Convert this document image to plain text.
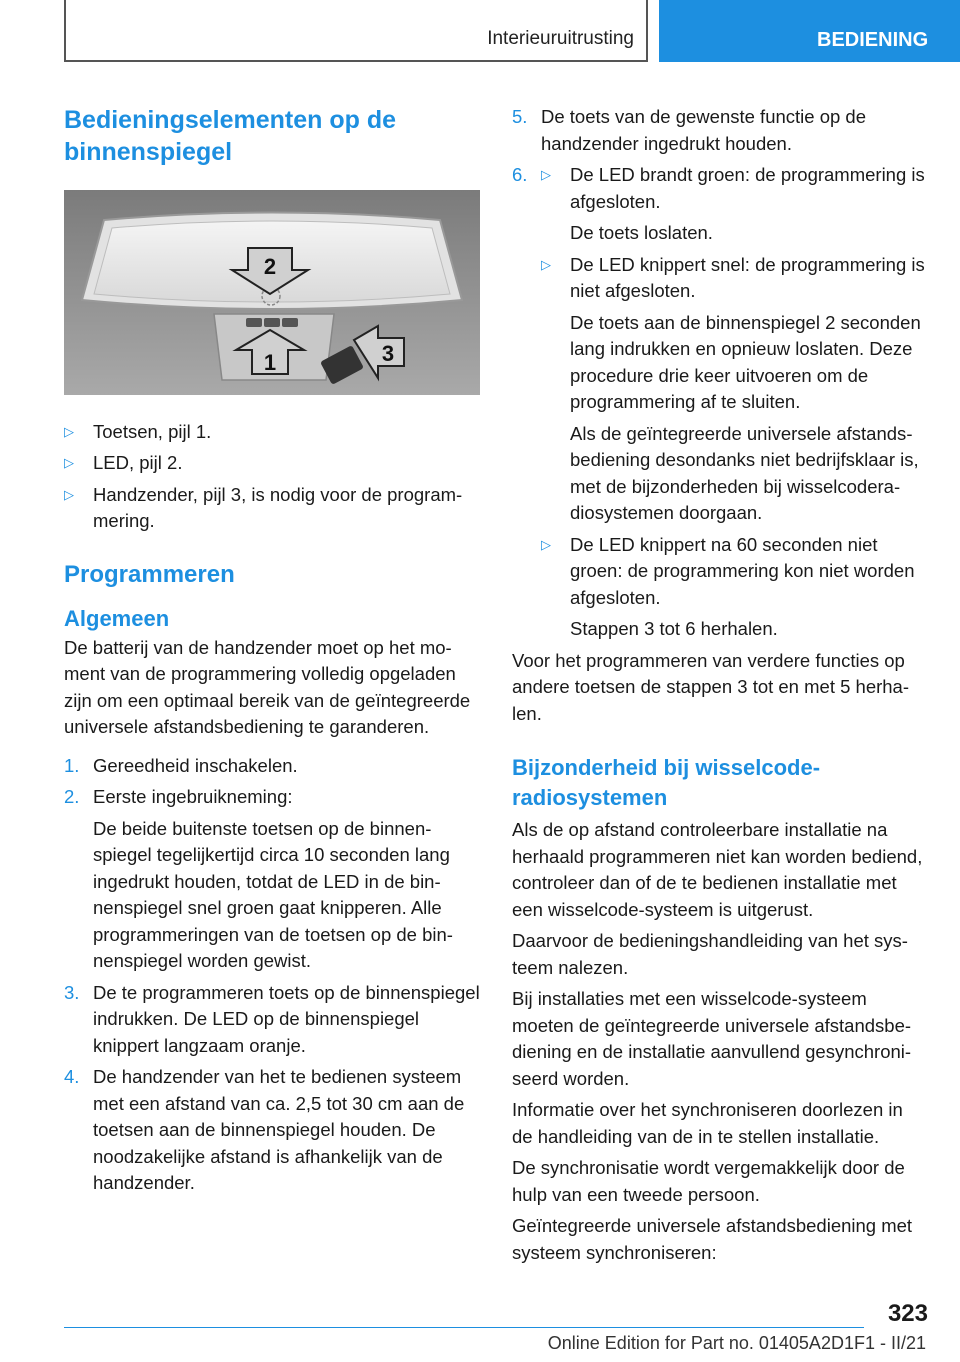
Interieuruitrusting	BEDIENING
Bedieningselementen op de binnenspiegel
2
1	3
▷	Toetsen, pijl 1.
▷	LED, pijl 2.
▷	Handzender, pijl 3, is nodig voor de programmering.
Programmeren
Algemeen

De batterij van de handzender moet op het moment van de programmering volledig opgeladen zijn om een optimaal bereik van de geïntegreerde universele afstandsbediening te garanderen.

1. Gereedheid inschakelen.
2. Eerste ingebruikneming:

De beide buitenste toetsen op de binnenspiegel tegelijkertijd circa 10 seconden lang ingedrukt houden, totdat de LED in de binnenspiegel snel groen gaat knipperen. Alle programmeringen van de toetsen op de binnenspiegel worden gewist.

3. De te programmeren toets op de binnenspiegel indrukken. De LED op de binnenspiegel knippert langzaam oranje.
4. De handzender van het te bedienen systeem met een afstand van ca. 2,5 tot 30 cm aan de toetsen aan de binnenspiegel houden. De noodzakelijke afstand is afhankelijk van de handzender.
5. De toets van de gewenste functie op de handzender ingedrukt houden.
6.	▷	De LED brandt groen: de programmering is afgesloten.

De toets loslaten.

▷	De LED knippert snel: de programmering is niet afgesloten.

De toets aan de binnenspiegel 2 seconden lang indrukken en opnieuw loslaten. Deze procedure drie keer uitvoeren om de programmering af te sluiten.

Als de geïntegreerde universele afstandsbediening desondanks niet bedrijfsklaar is, met de bijzonderheden bij wisselcoderadiosystemen doorgaan.

▷	De LED knippert na 60 seconden niet groen: de programmering kon niet worden afgesloten.

Stappen 3 tot 6 herhalen.

Voor het programmeren van verdere functies op andere toetsen de stappen 3 tot en met 5 herhalen.

Bijzonderheid bij wisselcoderadiosystemen

Als de op afstand controleerbare installatie na herhaald programmeren niet kan worden bediend, controleer dan of de te bedienen installatie met een wisselcode-systeem is uitgerust.

Daarvoor de bedieningshandleiding van het systeem nalezen.

Bij installaties met een wisselcode-systeem moeten de geïntegreerde universele afstandsbediening en de installatie aanvullend gesynchroniseerd worden.

Informatie over het synchroniseren doorlezen in de handleiding van de in te stellen installatie.

De synchronisatie wordt vergemakkelijk door de hulp van een tweede persoon.

Geïntegreerde universele afstandsbediening met systeem synchroniseren:

323
Online Edition for Part no. 01405A2D1F1 - II/21
